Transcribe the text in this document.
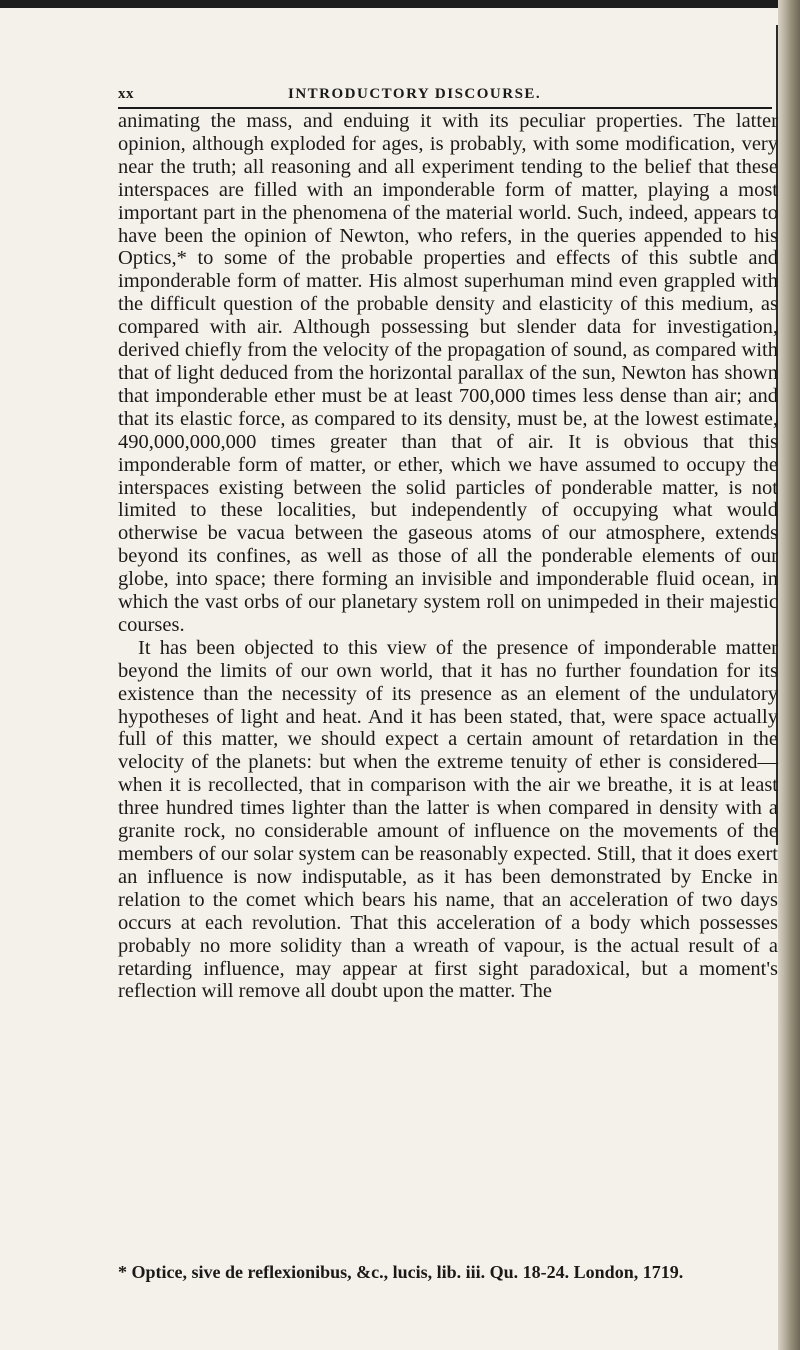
xx	INTRODUCTORY DISCOURSE.

animating the mass, and enduing it with its peculiar properties. The latter opinion, although exploded for ages, is probably, with some modification, very near the truth; all reasoning and all experiment tending to the belief that these interspaces are filled with an imponderable form of matter, playing a most important part in the phenomena of the material world. Such, indeed, appears to have been the opinion of Newton, who refers, in the queries appended to his Optics,* to some of the probable properties and effects of this subtle and imponderable form of matter. His almost superhuman mind even grappled with the difficult question of the probable density and elasticity of this medium, as compared with air. Although possessing but slender data for investigation, derived chiefly from the velocity of the propagation of sound, as compared with that of light deduced from the horizontal parallax of the sun, Newton has shown that imponderable ether must be at least 700,000 times less dense than air; and that its elastic force, as compared to its density, must be, at the lowest estimate, 490,000,000,000 times greater than that of air. It is obvious that this imponderable form of matter, or ether, which we have assumed to occupy the interspaces existing between the solid particles of ponderable matter, is not limited to these localities, but independently of occupying what would otherwise be vacua between the gaseous atoms of our atmosphere, extends beyond its confines, as well as those of all the ponderable elements of our globe, into space; there forming an invisible and imponderable fluid ocean, in which the vast orbs of our planetary system roll on unimpeded in their majestic courses.

It has been objected to this view of the presence of imponderable matter beyond the limits of our own world, that it has no further foundation for its existence than the necessity of its presence as an element of the undulatory hypotheses of light and heat. And it has been stated, that, were space actually full of this matter, we should expect a certain amount of retardation in the velocity of the planets: but when the extreme tenuity of ether is considered—when it is recollected, that in comparison with the air we breathe, it is at least three hundred times lighter than the latter is when compared in density with a granite rock, no considerable amount of influence on the movements of the members of our solar system can be reasonably expected. Still, that it does exert an influence is now indisputable, as it has been demonstrated by Encke in relation to the comet which bears his name, that an acceleration of two days occurs at each revolution. That this acceleration of a body which possesses probably no more solidity than a wreath of vapour, is the actual result of a retarding influence, may appear at first sight paradoxical, but a moment's reflection will remove all doubt upon the matter. The

* Optice, sive de reflexionibus, &c., lucis, lib. iii. Qu. 18-24. London, 1719.
